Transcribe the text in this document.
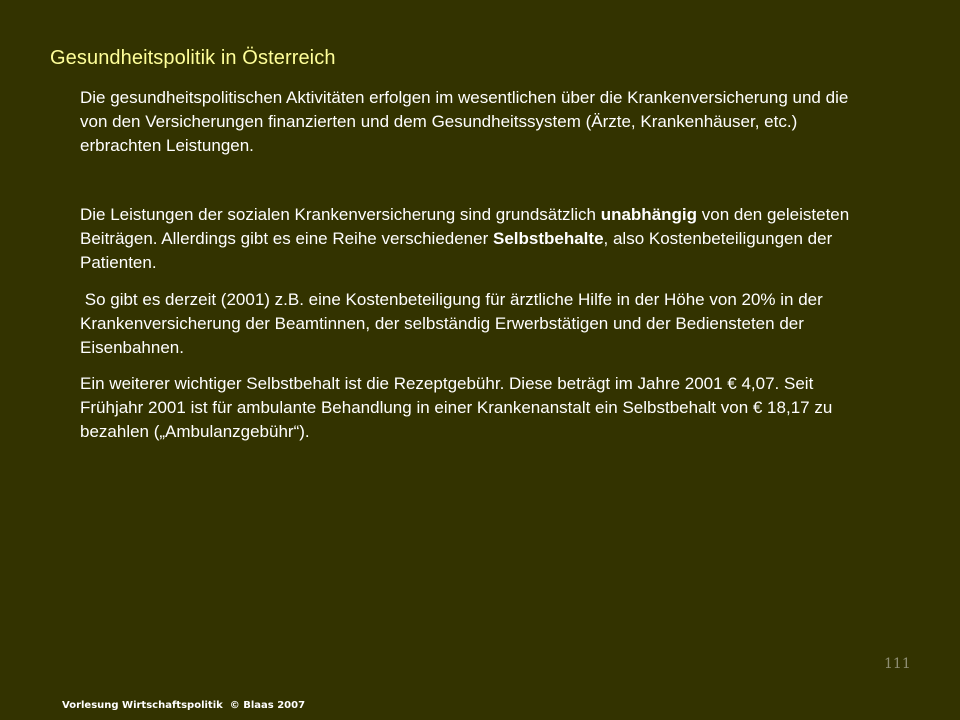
Gesundheitspolitik in Österreich

Die gesundheitspolitischen Aktivitäten erfolgen im wesentlichen über die Krankenversicherung und die von den Versicherungen finanzierten und dem Gesundheitssystem (Ärzte, Krankenhäuser, etc.) erbrachten Leistungen.

Die Leistungen der sozialen Krankenversicherung sind grundsätzlich unabhängig von den geleisteten Beiträgen. Allerdings gibt es eine Reihe verschiedener Selbstbehalte, also Kostenbeteiligungen der Patienten.

So gibt es derzeit (2001) z.B. eine Kostenbeteiligung für ärztliche Hilfe in der Höhe von 20% in der Krankenversicherung der Beamtinnen, der selbständig Erwerbstätigen und der Bediensteten der Eisenbahnen.

Ein weiterer wichtiger Selbstbehalt ist die Rezeptgebühr. Diese beträgt im Jahre 2001 € 4,07. Seit Frühjahr 2001 ist für ambulante Behandlung in einer Krankenanstalt ein Selbstbehalt von € 18,17 zu bezahlen („Ambulanzgebühr“).

111
Vorlesung Wirtschaftspolitik  © Blaas 2007
